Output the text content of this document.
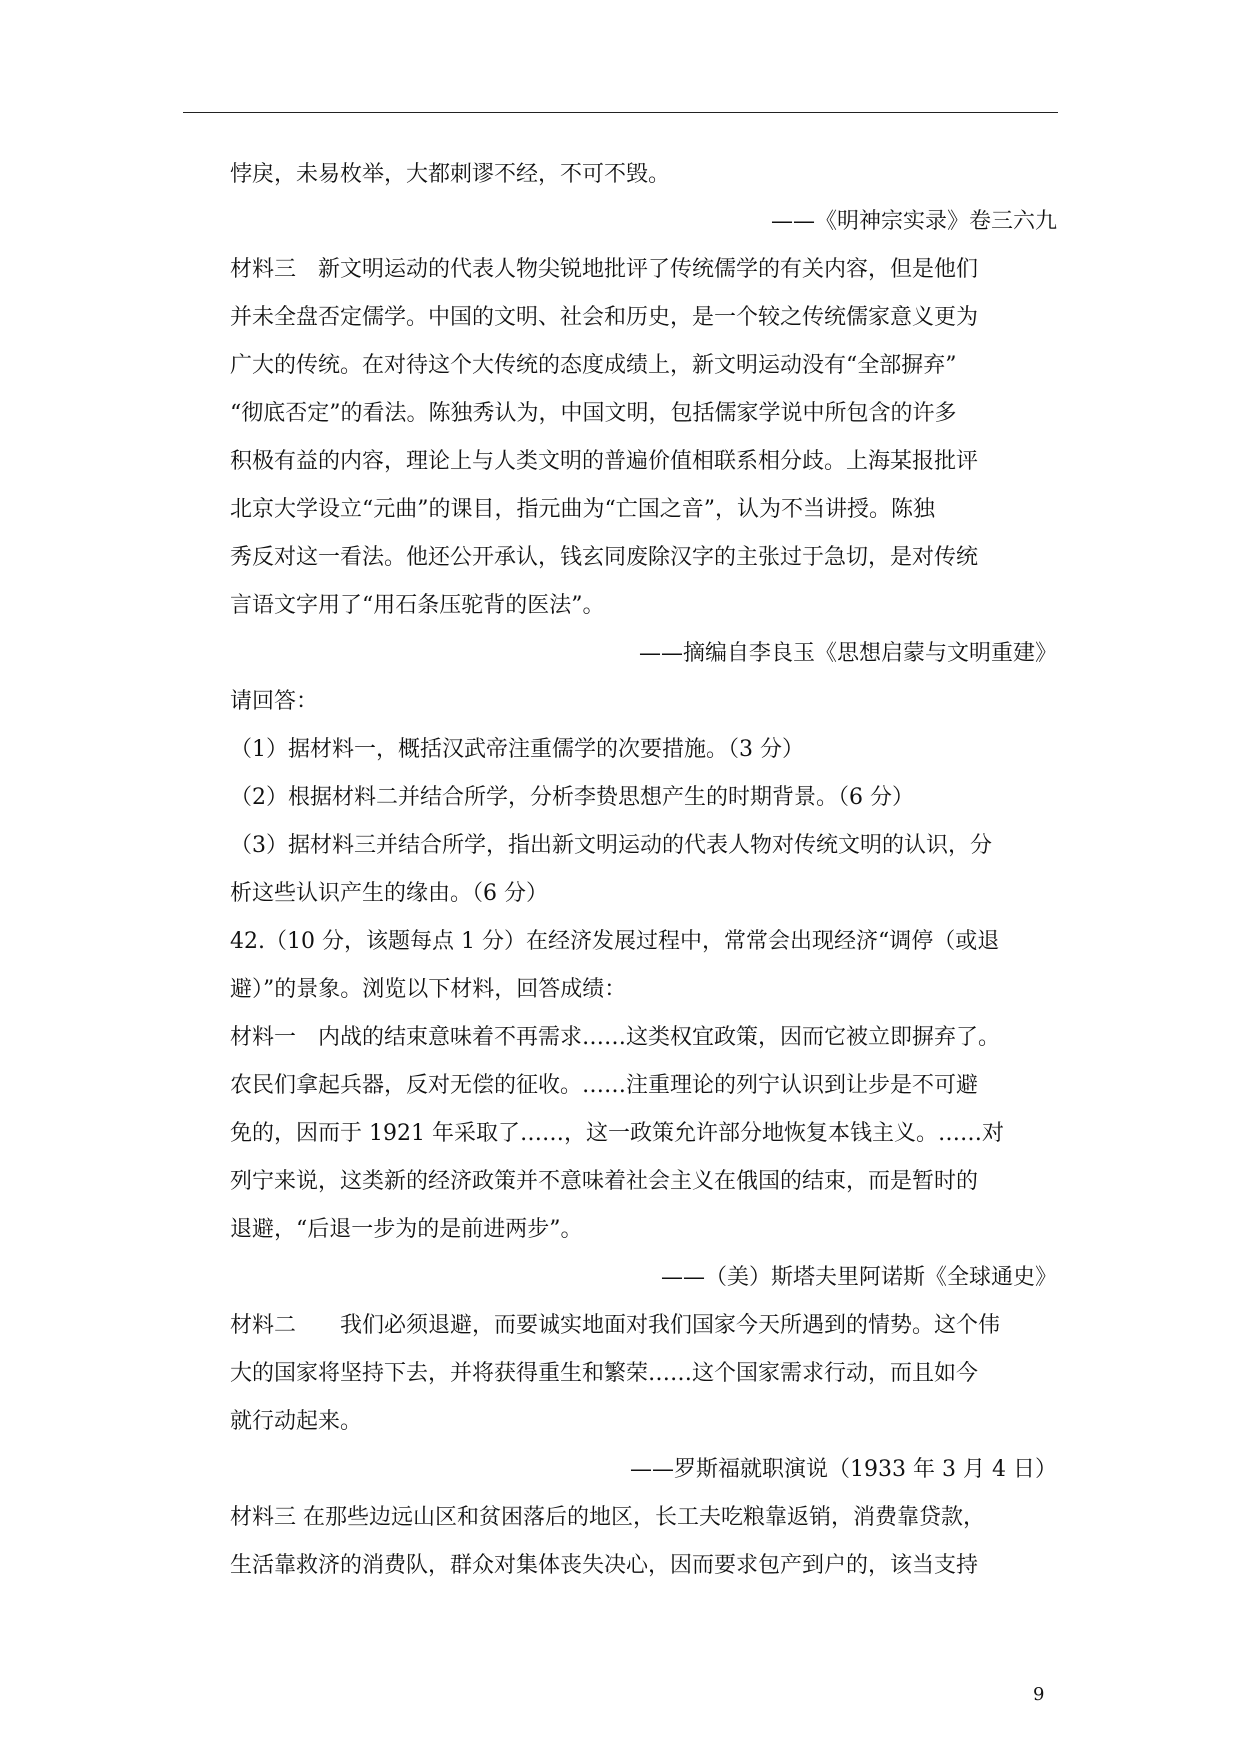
悖戾，未易枚举，大都刺谬不经，不可不毁。
——《明神宗实录》卷三六九
材料三　新文明运动的代表人物尖锐地批评了传统儒学的有关内容，但是他们
并未全盘否定儒学。中国的文明、社会和历史，是一个较之传统儒家意义更为
广大的传统。在对待这个大传统的态度成绩上，新文明运动没有“全部摒弃”
“彻底否定”的看法。陈独秀认为，中国文明，包括儒家学说中所包含的许多
积极有益的内容，理论上与人类文明的普遍价值相联系相分歧。上海某报批评
北京大学设立“元曲”的课目，指元曲为“亡国之音”，认为不当讲授。陈独
秀反对这一看法。他还公开承认，钱玄同废除汉字的主张过于急切，是对传统
言语文字用了“用石条压驼背的医法”。
——摘编自李良玉《思想启蒙与文明重建》
请回答：
（1）据材料一，概括汉武帝注重儒学的次要措施。（3 分）
（2）根据材料二并结合所学，分析李贽思想产生的时期背景。（6 分）
（3）据材料三并结合所学，指出新文明运动的代表人物对传统文明的认识，分
析这些认识产生的缘由。（6 分）
42.（10 分，该题每点 1 分）在经济发展过程中，常常会出现经济“调停（或退
避）”的景象。浏览以下材料，回答成绩：
材料一　内战的结束意味着不再需求……这类权宜政策，因而它被立即摒弃了。
农民们拿起兵器，反对无偿的征收。……注重理论的列宁认识到让步是不可避
免的，因而于 1921 年采取了……，这一政策允许部分地恢复本钱主义。……对
列宁来说，这类新的经济政策并不意味着社会主义在俄国的结束，而是暂时的
退避，“后退一步为的是前进两步”。
——（美）斯塔夫里阿诺斯《全球通史》
材料二　　我们必须退避，而要诚实地面对我们国家今天所遇到的情势。这个伟
大的国家将坚持下去，并将获得重生和繁荣……这个国家需求行动，而且如今
就行动起来。
——罗斯福就职演说（1933 年 3 月 4 日）
材料三 在那些边远山区和贫困落后的地区，长工夫吃粮靠返销，消费靠贷款，
生活靠救济的消费队，群众对集体丧失决心，因而要求包产到户的，该当支持
9
